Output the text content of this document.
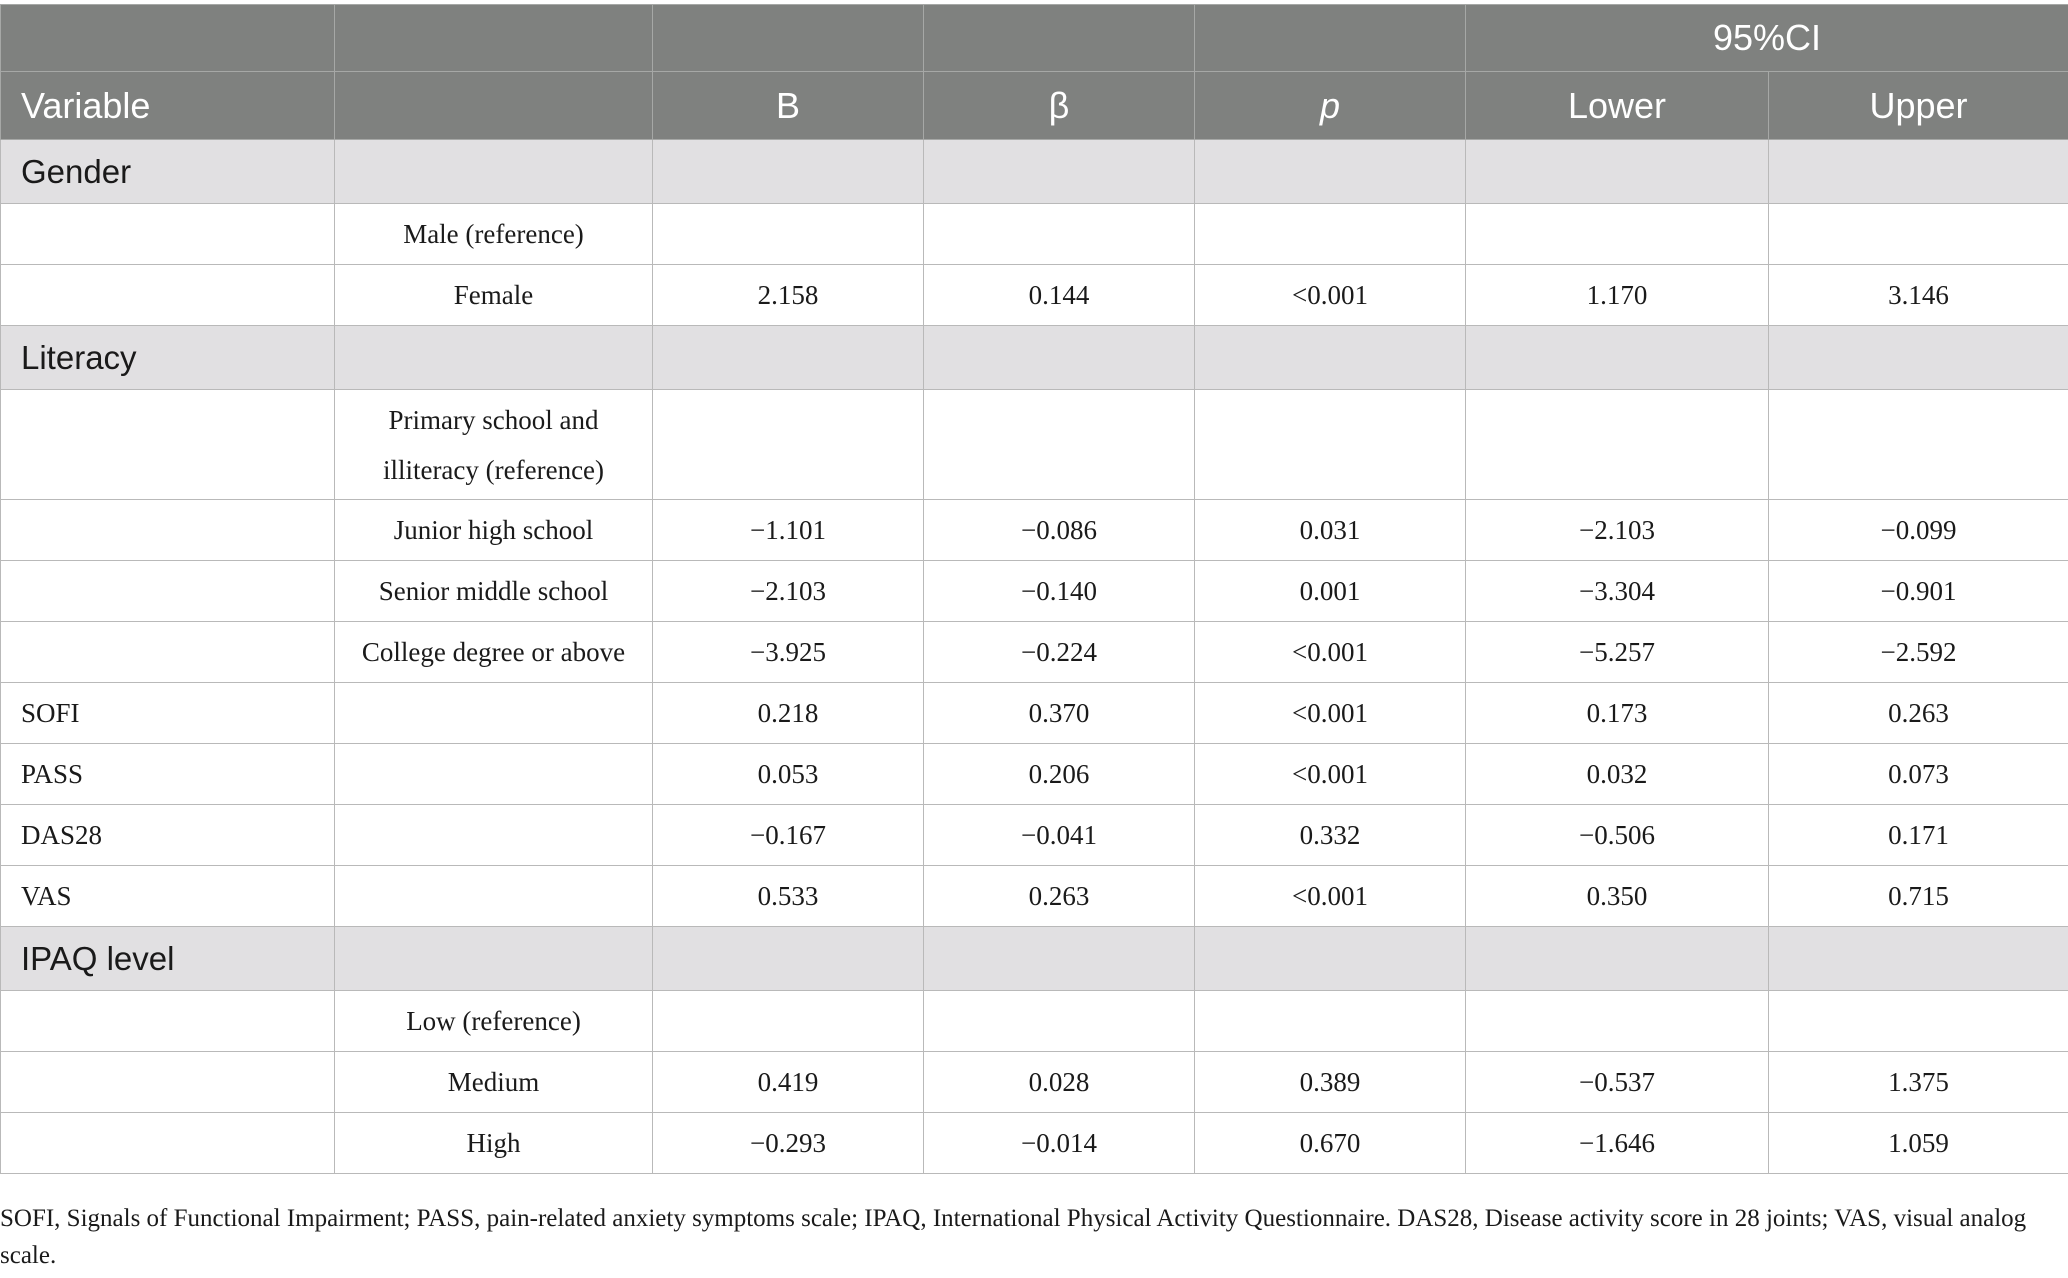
					95%CI	
Variable		B	β	p	Lower	Upper
Gender						
	Male (reference)					
	Female	2.158	0.144	<0.001	1.170	3.146
Literacy						
	Primary school and
illiteracy (reference)					
	Junior high school	−1.101	−0.086	0.031	−2.103	−0.099
	Senior middle school	−2.103	−0.140	0.001	−3.304	−0.901
	College degree or above	−3.925	−0.224	<0.001	−5.257	−2.592
SOFI		0.218	0.370	<0.001	0.173	0.263
PASS		0.053	0.206	<0.001	0.032	0.073
DAS28		−0.167	−0.041	0.332	−0.506	0.171
VAS		0.533	0.263	<0.001	0.350	0.715
IPAQ level						
	Low (reference)					
	Medium	0.419	0.028	0.389	−0.537	1.375
	High	−0.293	−0.014	0.670	−1.646	1.059
SOFI, Signals of Functional Impairment; PASS, pain-related anxiety symptoms scale; IPAQ, International Physical Activity Questionnaire. DAS28, Disease activity score in 28 joints; VAS, visual analog scale.
